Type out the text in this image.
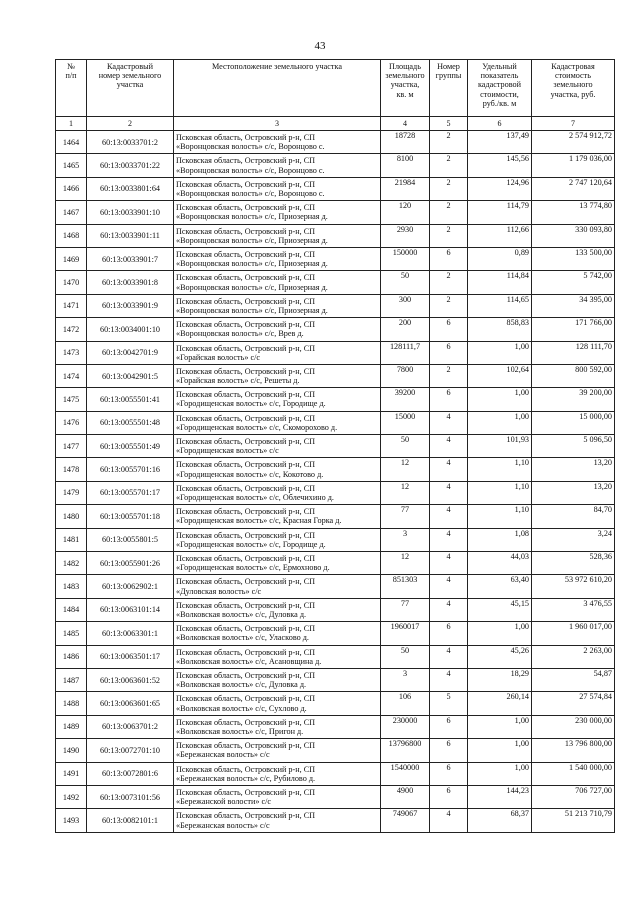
43
№
п/п	Кадастровый
номер земельного
участка	Местоположение земельного участка	Площадь
земельного
участка,
кв. м	Номер
группы	Удельный
показатель
кадастровой
стоимости,
руб./кв. м	Кадастровая
стоимость
земельного
участка, руб.
1	2	3	4	5	6	7
1464	60:13:0033701:2	Псковская область, Островский р-н, СП
«Воронцовская волость» с/с, Воронцово с.	18728	2	137,49	2 574 912,72
1465	60:13:0033701:22	Псковская область, Островский р-н, СП
«Воронцовская волость» с/с, Воронцово с.	8100	2	145,56	1 179 036,00
1466	60:13:0033801:64	Псковская область, Островский р-н, СП
«Воронцовская волость» с/с, Воронцово с.	21984	2	124,96	2 747 120,64
1467	60:13:0033901:10	Псковская область, Островский р-н, СП
«Воронцовская волость» с/с, Приозерная д.	120	2	114,79	13 774,80
1468	60:13:0033901:11	Псковская область, Островский р-н, СП
«Воронцовская волость» с/с, Приозерная д.	2930	2	112,66	330 093,80
1469	60:13:0033901:7	Псковская область, Островский р-н, СП
«Воронцовская волость» с/с, Приозерная д.	150000	6	0,89	133 500,00
1470	60:13:0033901:8	Псковская область, Островский р-н, СП
«Воронцовская волость» с/с, Приозерная д.	50	2	114,84	5 742,00
1471	60:13:0033901:9	Псковская область, Островский р-н, СП
«Воронцовская волость» с/с, Приозерная д.	300	2	114,65	34 395,00
1472	60:13:0034001:10	Псковская область, Островский р-н, СП
«Воронцовская волость» с/с, Врев д.	200	6	858,83	171 766,00
1473	60:13:0042701:9	Псковская область, Островский р-н, СП
«Горайская волость» с/с	128111,7	6	1,00	128 111,70
1474	60:13:0042901:5	Псковская область, Островский р-н, СП
«Горайская волость» с/с, Решеты д.	7800	2	102,64	800 592,00
1475	60:13:0055501:41	Псковская область, Островский р-н, СП
«Городищенская волость» с/с, Городище д.	39200	6	1,00	39 200,00
1476	60:13:0055501:48	Псковская область, Островский р-н, СП
«Городищенская волость» с/с, Скоморохово д.	15000	4	1,00	15 000,00
1477	60:13:0055501:49	Псковская область, Островский р-н, СП
«Городищенская волость» с/с	50	4	101,93	5 096,50
1478	60:13:0055701:16	Псковская область, Островский р-н, СП
«Городищенская волость» с/с, Кокотово д.	12	4	1,10	13,20
1479	60:13:0055701:17	Псковская область, Островский р-н, СП
«Городищенская волость» с/с, Облечихино д.	12	4	1,10	13,20
1480	60:13:0055701:18	Псковская область, Островский р-н, СП
«Городищенская волость» с/с, Красная Горка д.	77	4	1,10	84,70
1481	60:13:0055801:5	Псковская область, Островский р-н, СП
«Городищенская волость» с/с, Городище д.	3	4	1,08	3,24
1482	60:13:0055901:26	Псковская область, Островский р-н, СП
«Городищенская волость» с/с, Ермохново д.	12	4	44,03	528,36
1483	60:13:0062902:1	Псковская область, Островский р-н, СП
«Дуловская волость» с/с	851303	4	63,40	53 972 610,20
1484	60:13:0063101:14	Псковская область, Островский р-н, СП
«Волковская волость» с/с, Дуловка д.	77	4	45,15	3 476,55
1485	60:13:0063301:1	Псковская область, Островский р-н, СП
«Волковская волость» с/с, Уласково д.	1960017	6	1,00	1 960 017,00
1486	60:13:0063501:17	Псковская область, Островский р-н, СП
«Волковская волость» с/с, Асановщина д.	50	4	45,26	2 263,00
1487	60:13:0063601:52	Псковская область, Островский р-н, СП
«Волковская волость» с/с, Дуловка д.	3	4	18,29	54,87
1488	60:13:0063601:65	Псковская область, Островский р-н, СП
«Волковская волость» с/с, Сухлово д.	106	5	260,14	27 574,84
1489	60:13:0063701:2	Псковская область, Островский р-н, СП
«Волковская волость» с/с, Пригон д.	230000	6	1,00	230 000,00
1490	60:13:0072701:10	Псковская область, Островский р-н, СП
«Бережанская волость» с/с	13796800	6	1,00	13 796 800,00
1491	60:13:0072801:6	Псковская область, Островский р-н, СП
«Бережанская волость» с/с, Рубилово д.	1540000	6	1,00	1 540 000,00
1492	60:13:0073101:56	Псковская область, Островский р-н, СП
«Бережанской волости» с/с	4900	6	144,23	706 727,00
1493	60:13:0082101:1	Псковская область, Островский р-н, СП
«Бережанская волость» с/с	749067	4	68,37	51 213 710,79
